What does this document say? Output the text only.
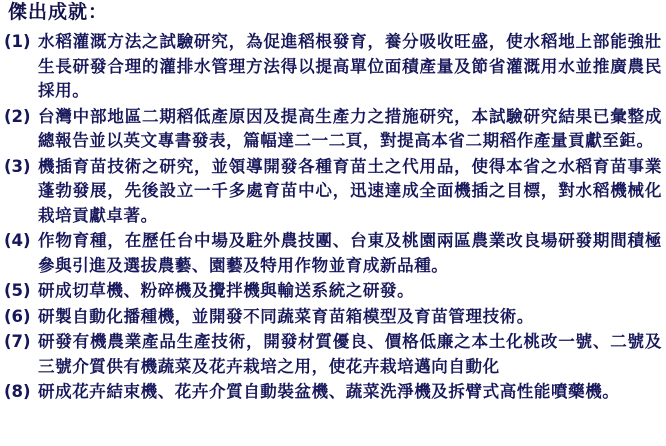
傑出成就：
(1) 水稻灌溉方法之試驗研究，為促進稻根發育，養分吸收旺盛，使水稻地上部能強壯生長研發合理的灌排水管理方法得以提高單位面積產量及節省灌溉用水並推廣農民採用。
(2) 台灣中部地區二期稻低產原因及提高生產力之措施研究，本試驗研究結果已彙整成總報告並以英文專書發表，篇幅達二一二頁，對提高本省二期稻作產量貢獻至鉅。
(3) 機插育苗技術之研究，並領導開發各種育苗土之代用品，使得本省之水稻育苗事業蓬勃發展，先後設立一千多處育苗中心，迅速達成全面機插之目標，對水稻機械化栽培貢獻卓著。
(4) 作物育種，在歷任台中場及駐外農技團、台東及桃園兩區農業改良場研發期間積極參與引進及選拔農藝、園藝及特用作物並育成新品種。
(5) 研成切草機、粉碎機及攪拌機與輸送系統之研發。
(6) 研製自動化播種機，並開發不同蔬菜育苗箱模型及育苗管理技術。
(7) 研發有機農業產品生產技術，開發材質優良、價格低廉之本土化桃改一號、二號及三號介質供有機蔬菜及花卉栽培之用，使花卉栽培邁向自動化
(8) 研成花卉結束機、花卉介質自動裝盆機、蔬菜洗淨機及拆臂式高性能噴藥機。
